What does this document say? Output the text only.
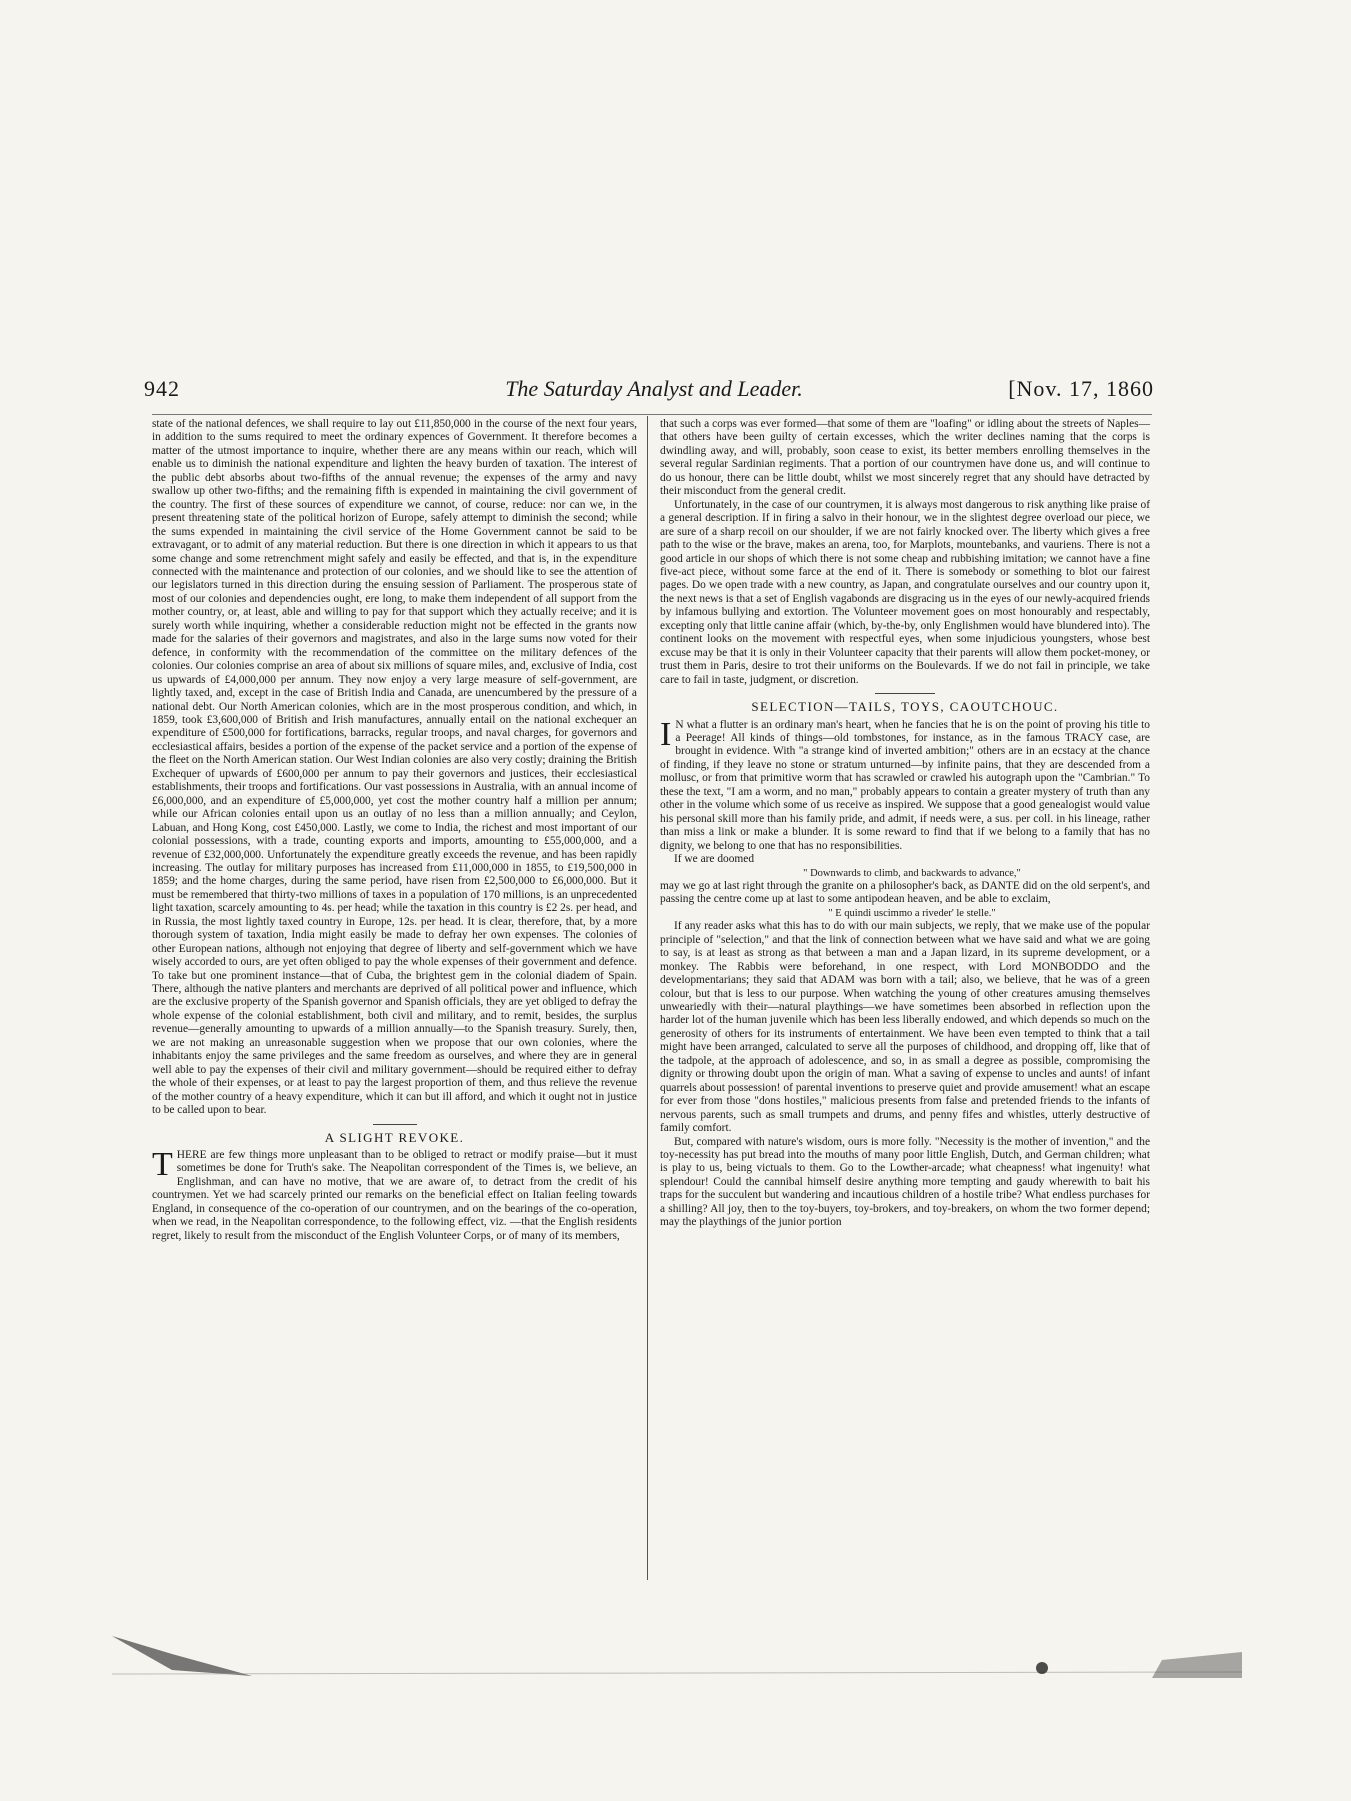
942	The Saturday Analyst and Leader.	[Nov. 17, 1860

state of the national defences, we shall require to lay out £11,850,000 in the course of the next four years, in addition to the sums required to meet the ordinary expences of Government. It therefore becomes a matter of the utmost importance to inquire, whether there are any means within our reach, which will enable us to diminish the national expenditure and lighten the heavy burden of taxation. The interest of the public debt absorbs about two-fifths of the annual revenue; the expenses of the army and navy swallow up other two-fifths; and the remaining fifth is expended in maintaining the civil government of the country. The first of these sources of expenditure we cannot, of course, reduce: nor can we, in the present threatening state of the political horizon of Europe, safely attempt to diminish the second; while the sums expended in maintaining the civil service of the Home Government cannot be said to be extravagant, or to admit of any material reduction. But there is one direction in which it appears to us that some change and some retrenchment might safely and easily be effected, and that is, in the expenditure connected with the maintenance and protection of our colonies, and we should like to see the attention of our legislators turned in this direction during the ensuing session of Parliament. The prosperous state of most of our colonies and dependencies ought, ere long, to make them independent of all support from the mother country, or, at least, able and willing to pay for that support which they actually receive; and it is surely worth while inquiring, whether a considerable reduction might not be effected in the grants now made for the salaries of their governors and magistrates, and also in the large sums now voted for their defence, in conformity with the recommendation of the committee on the military defences of the colonies. Our colonies comprise an area of about six millions of square miles, and, exclusive of India, cost us upwards of £4,000,000 per annum. They now enjoy a very large measure of self-government, are lightly taxed, and, except in the case of British India and Canada, are unencumbered by the pressure of a national debt. Our North American colonies, which are in the most prosperous condition, and which, in 1859, took £3,600,000 of British and Irish manufactures, annually entail on the national exchequer an expenditure of £500,000 for fortifications, barracks, regular troops, and naval charges, for governors and ecclesiastical affairs, besides a portion of the expense of the packet service and a portion of the expense of the fleet on the North American station. Our West Indian colonies are also very costly; draining the British Exchequer of upwards of £600,000 per annum to pay their governors and justices, their ecclesiastical establishments, their troops and fortifications. Our vast possessions in Australia, with an annual income of £6,000,000, and an expenditure of £5,000,000, yet cost the mother country half a million per annum; while our African colonies entail upon us an outlay of no less than a million annually; and Ceylon, Labuan, and Hong Kong, cost £450,000. Lastly, we come to India, the richest and most important of our colonial possessions, with a trade, counting exports and imports, amounting to £55,000,000, and a revenue of £32,000,000. Unfortunately the expenditure greatly exceeds the revenue, and has been rapidly increasing. The outlay for military purposes has increased from £11,000,000 in 1855, to £19,500,000 in 1859; and the home charges, during the same period, have risen from £2,500,000 to £6,000,000. But it must be remembered that thirty-two millions of taxes in a population of 170 millions, is an unprecedented light taxation, scarcely amounting to 4s. per head; while the taxation in this country is £2 2s. per head, and in Russia, the most lightly taxed country in Europe, 12s. per head. It is clear, therefore, that, by a more thorough system of taxation, India might easily be made to defray her own expenses. The colonies of other European nations, although not enjoying that degree of liberty and self-government which we have wisely accorded to ours, are yet often obliged to pay the whole expenses of their government and defence. To take but one prominent instance—that of Cuba, the brightest gem in the colonial diadem of Spain. There, although the native planters and merchants are deprived of all political power and influence, which are the exclusive property of the Spanish governor and Spanish officials, they are yet obliged to defray the whole expense of the colonial establishment, both civil and military, and to remit, besides, the surplus revenue—generally amounting to upwards of a million annually—to the Spanish treasury. Surely, then, we are not making an unreasonable suggestion when we propose that our own colonies, where the inhabitants enjoy the same privileges and the same freedom as ourselves, and where they are in general well able to pay the expenses of their civil and military government—should be required either to defray the whole of their expenses, or at least to pay the largest proportion of them, and thus relieve the revenue of the mother country of a heavy expenditure, which it can but ill afford, and which it ought not in justice to be called upon to bear.

A SLIGHT REVOKE.

THERE are few things more unpleasant than to be obliged to retract or modify praise—but it must sometimes be done for Truth's sake. The Neapolitan correspondent of the Times is, we believe, an Englishman, and can have no motive, that we are aware of, to detract from the credit of his countrymen. Yet we had scarcely printed our remarks on the beneficial effect on Italian feeling towards England, in consequence of the co-operation of our countrymen, and on the bearings of the co-operation, when we read, in the Neapolitan correspondence, to the following effect, viz. —that the English residents regret, likely to result from the misconduct of the English Volunteer Corps, or of many of its members,

that such a corps was ever formed—that some of them are "loafing" or idling about the streets of Naples—that others have been guilty of certain excesses, which the writer declines naming that the corps is dwindling away, and will, probably, soon cease to exist, its better members enrolling themselves in the several regular Sardinian regiments. That a portion of our countrymen have done us, and will continue to do us honour, there can be little doubt, whilst we most sincerely regret that any should have detracted by their misconduct from the general credit.

Unfortunately, in the case of our countrymen, it is always most dangerous to risk anything like praise of a general description. If in firing a salvo in their honour, we in the slightest degree overload our piece, we are sure of a sharp recoil on our shoulder, if we are not fairly knocked over. The liberty which gives a free path to the wise or the brave, makes an arena, too, for Marplots, mountebanks, and vauriens. There is not a good article in our shops of which there is not some cheap and rubbishing imitation; we cannot have a fine five-act piece, without some farce at the end of it. There is somebody or something to blot our fairest pages. Do we open trade with a new country, as Japan, and congratulate ourselves and our country upon it, the next news is that a set of English vagabonds are disgracing us in the eyes of our newly-acquired friends by infamous bullying and extortion. The Volunteer movement goes on most honourably and respectably, excepting only that little canine affair (which, by-the-by, only Englishmen would have blundered into). The continent looks on the movement with respectful eyes, when some injudicious youngsters, whose best excuse may be that it is only in their Volunteer capacity that their parents will allow them pocket-money, or trust them in Paris, desire to trot their uniforms on the Boulevards. If we do not fail in principle, we take care to fail in taste, judgment, or discretion.

SELECTION—TAILS, TOYS, CAOUTCHOUC.

I N what a flutter is an ordinary man's heart, when he fancies that he is on the point of proving his title to a Peerage! All kinds of things—old tombstones, for instance, as in the famous TRACY case, are brought in evidence. With "a strange kind of inverted ambition;" others are in an ecstacy at the chance of finding, if they leave no stone or stratum unturned—by infinite pains, that they are descended from a mollusc, or from that primitive worm that has scrawled or crawled his autograph upon the "Cambrian." To these the text, "I am a worm, and no man," probably appears to contain a greater mystery of truth than any other in the volume which some of us receive as inspired. We suppose that a good genealogist would value his personal skill more than his family pride, and admit, if needs were, a sus. per coll. in his lineage, rather than miss a link or make a blunder. It is some reward to find that if we belong to a family that has no dignity, we belong to one that has no responsibilities.

If we are doomed

" Downwards to climb, and backwards to advance,"

may we go at last right through the granite on a philosopher's back, as DANTE did on the old serpent's, and passing the centre come up at last to some antipodean heaven, and be able to exclaim,

" E quindi uscimmo a riveder' le stelle."

If any reader asks what this has to do with our main subjects, we reply, that we make use of the popular principle of "selection," and that the link of connection between what we have said and what we are going to say, is at least as strong as that between a man and a Japan lizard, in its supreme development, or a monkey. The Rabbis were beforehand, in one respect, with Lord MONBODDO and the developmentarians; they said that ADAM was born with a tail; also, we believe, that he was of a green colour, but that is less to our purpose. When watching the young of other creatures amusing themselves unweariedly with their—natural playthings—we have sometimes been absorbed in reflection upon the harder lot of the human juvenile which has been less liberally endowed, and which depends so much on the generosity of others for its instruments of entertainment. We have been even tempted to think that a tail might have been arranged, calculated to serve all the purposes of childhood, and dropping off, like that of the tadpole, at the approach of adolescence, and so, in as small a degree as possible, compromising the dignity or throwing doubt upon the origin of man. What a saving of expense to uncles and aunts! of infant quarrels about possession! of parental inventions to preserve quiet and provide amusement! what an escape for ever from those "dons hostiles," malicious presents from false and pretended friends to the infants of nervous parents, such as small trumpets and drums, and penny fifes and whistles, utterly destructive of family comfort.

But, compared with nature's wisdom, ours is more folly. "Necessity is the mother of invention," and the toy-necessity has put bread into the mouths of many poor little English, Dutch, and German children; what is play to us, being victuals to them. Go to the Lowther-arcade; what cheapness! what ingenuity! what splendour! Could the cannibal himself desire anything more tempting and gaudy wherewith to bait his traps for the succulent but wandering and incautious children of a hostile tribe? What endless purchases for a shilling? All joy, then to the toy-buyers, toy-brokers, and toy-breakers, on whom the two former depend; may the playthings of the junior portion
